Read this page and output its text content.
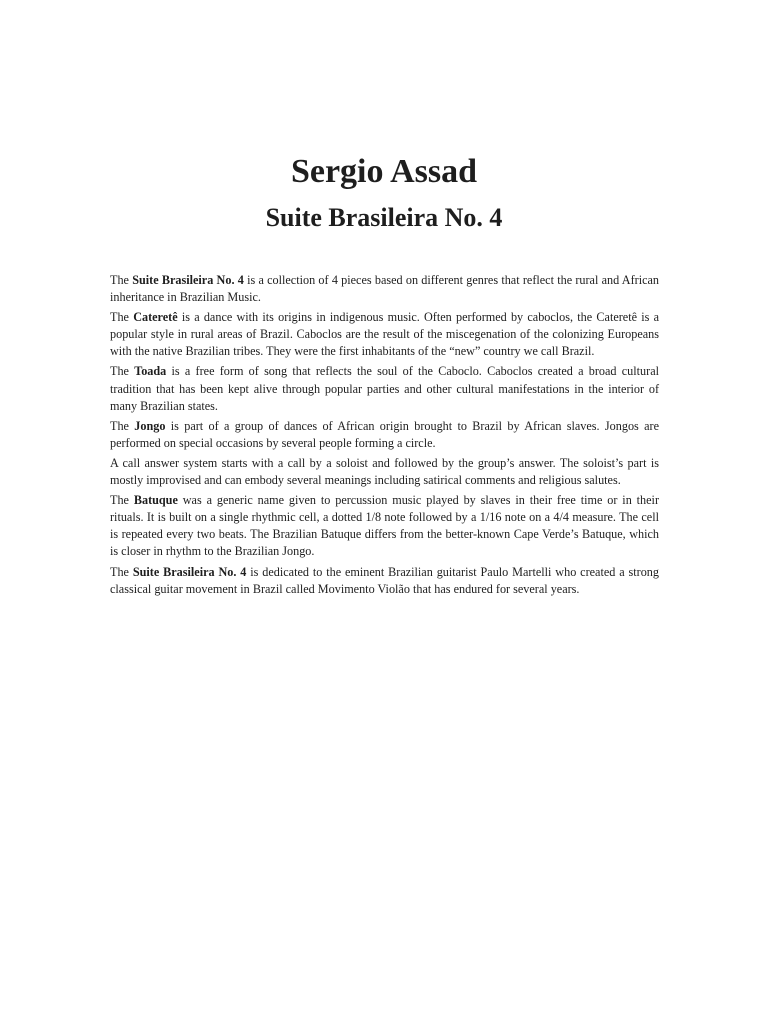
Sergio Assad
Suite Brasileira No. 4

The Suite Brasileira No. 4 is a collection of 4 pieces based on different genres that reflect the rural and African inheritance in Brazilian Music.

The Cateretê is a dance with its origins in indigenous music. Often performed by caboclos, the Cateretê is a popular style in rural areas of Brazil. Caboclos are the result of the miscegenation of the colonizing Europeans with the native Brazilian tribes. They were the first inhabitants of the “new” country we call Brazil.

The Toada is a free form of song that reflects the soul of the Caboclo. Caboclos created a broad cultural tradition that has been kept alive through popular parties and other cultural manifestations in the interior of many Brazilian states.

The Jongo is part of a group of dances of African origin brought to Brazil by African slaves. Jongos are performed on special occasions by several people forming a circle.

A call answer system starts with a call by a soloist and followed by the group’s answer. The soloist’s part is mostly improvised and can embody several meanings including satirical comments and religious salutes.

The Batuque was a generic name given to percussion music played by slaves in their free time or in their rituals. It is built on a single rhythmic cell, a dotted 1/8 note followed by a 1/16 note on a 4/4 measure. The cell is repeated every two beats. The Brazilian Batuque differs from the better-known Cape Verde’s Batuque, which is closer in rhythm to the Brazilian Jongo.

The Suite Brasileira No. 4 is dedicated to the eminent Brazilian guitarist Paulo Martelli who created a strong classical guitar movement in Brazil called Movimento Violão that has endured for several years.
